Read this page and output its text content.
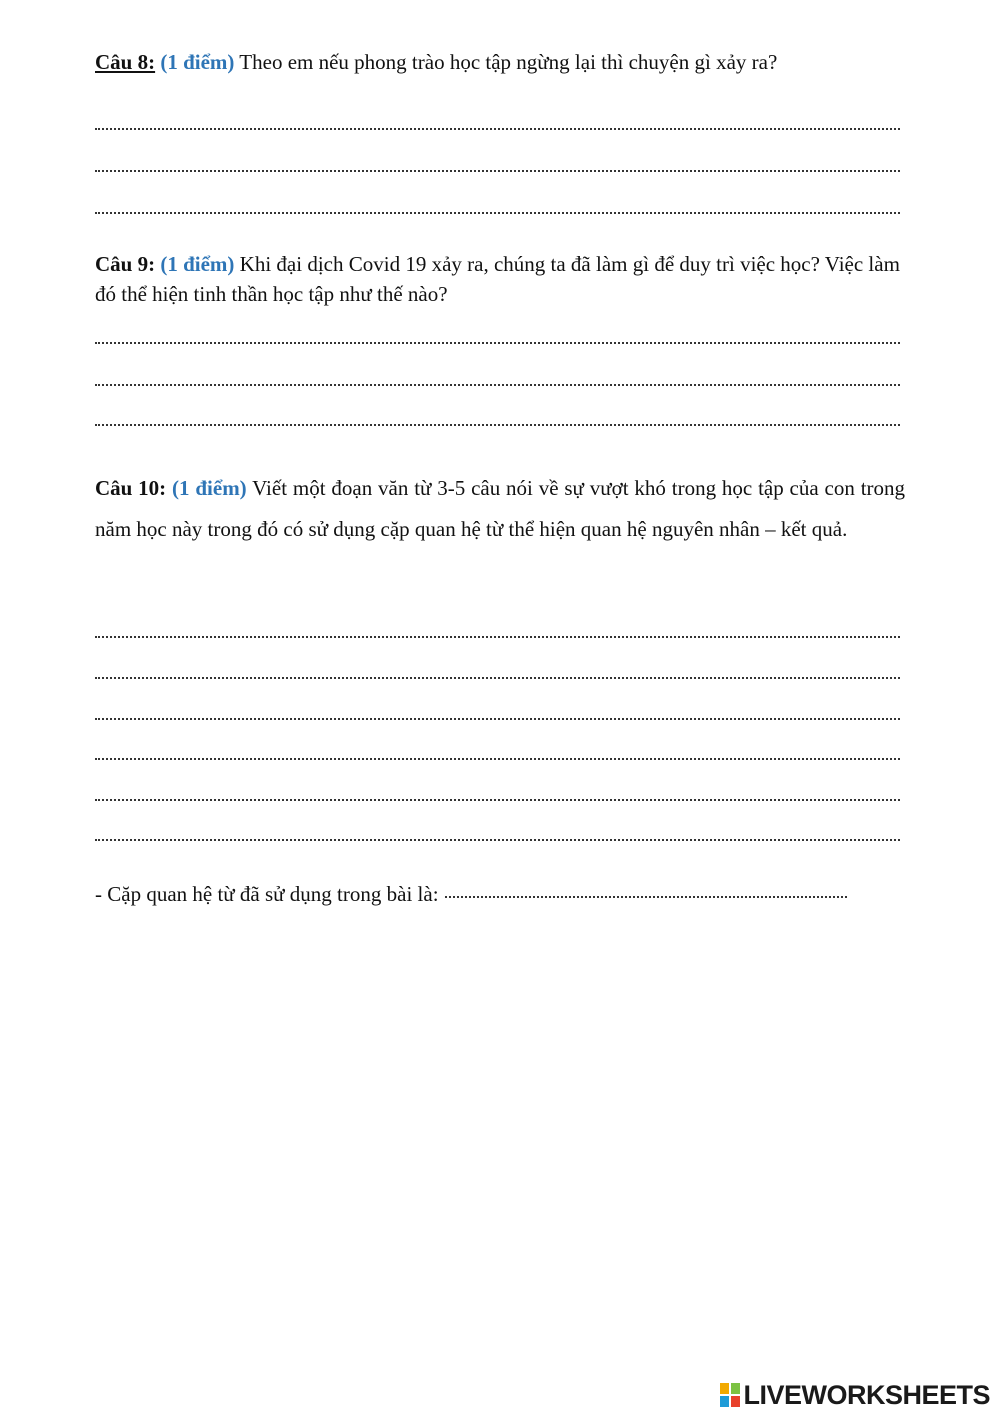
Câu 8: (1 điểm) Theo em nếu phong trào học tập ngừng lại thì chuyện gì xảy ra?
Câu 9: (1 điểm) Khi đại dịch Covid 19 xảy ra, chúng ta đã làm gì để duy trì việc học? Việc làm đó thể hiện tinh thần học tập như thế nào?
Câu 10: (1 điểm) Viết một đoạn văn từ 3-5 câu nói về sự vượt khó trong học tập của con trong năm học này trong đó có sử dụng cặp quan hệ từ thể hiện quan hệ nguyên nhân – kết quả.
- Cặp quan hệ từ đã sử dụng trong bài là:
LIVEWORKSHEETS
